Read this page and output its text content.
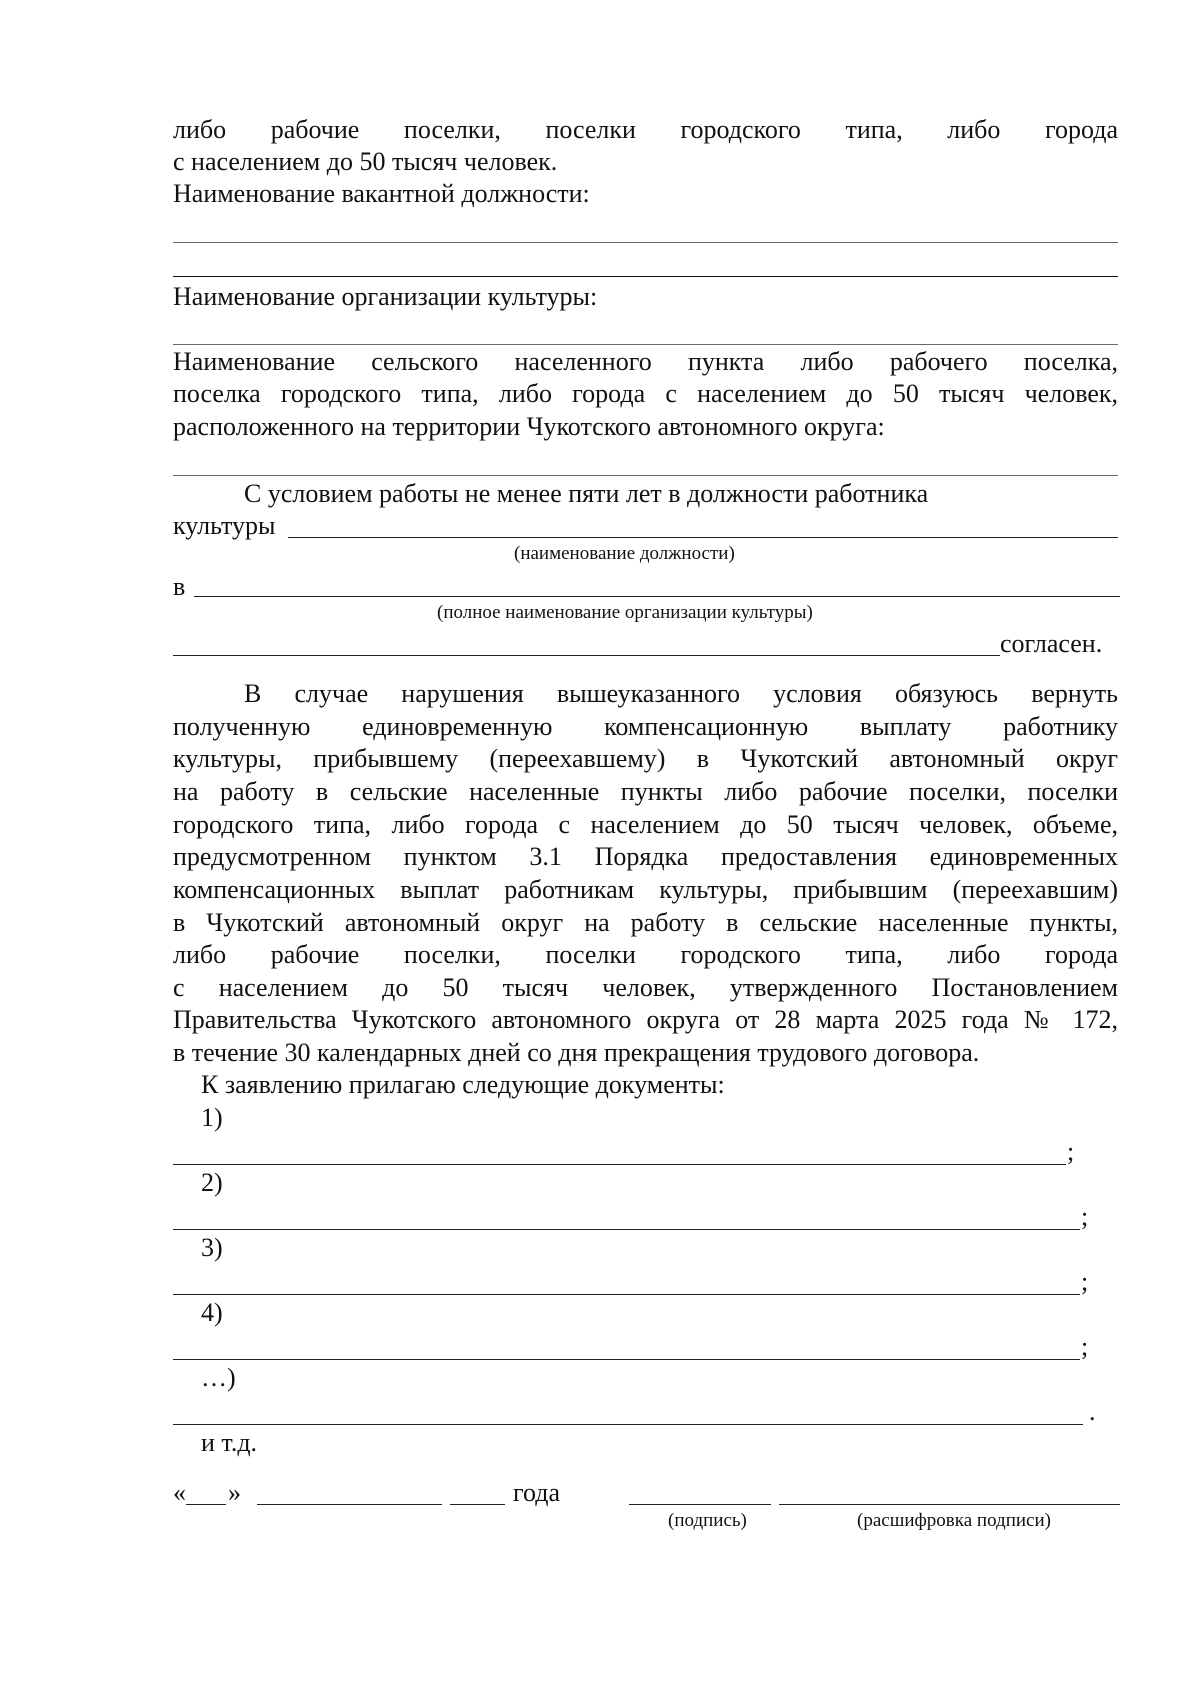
либо рабочие поселки, поселки городского типа, либо города
с населением до 50 тысяч человек.
Наименование вакантной должности:
Наименование организации культуры:
Наименование сельского населенного пункта либо рабочего поселка,
поселка городского типа, либо города с населением до 50 тысяч человек,
расположенного на территории Чукотского автономного округа:
С условием работы не менее пяти лет в должности работника
культуры
(наименование должности)
в
(полное наименование организации культуры)
согласен.
В случае нарушения вышеуказанного условия обязуюсь вернуть
полученную единовременную компенсационную выплату работнику
культуры, прибывшему (переехавшему) в Чукотский автономный округ
на работу в сельские населенные пункты либо рабочие поселки, поселки
городского типа, либо города с населением до 50 тысяч человек, объеме,
предусмотренном пунктом 3.1 Порядка предоставления единовременных
компенсационных выплат работникам культуры, прибывшим (переехавшим)
в Чукотский автономный округ на работу в сельские населенные пункты,
либо рабочие поселки, поселки городского типа, либо города
с населением до 50 тысяч человек, утвержденного Постановлением
Правительства Чукотского автономного округа от 28 марта 2025 года № 172,
в течение 30 календарных дней со дня прекращения трудового договора.
К заявлению прилагаю следующие документы:
1)
;
2)
;
3)
;
4)
;
…)
.
и т.д.
« »	года
(подпись)	(расшифровка подписи)
